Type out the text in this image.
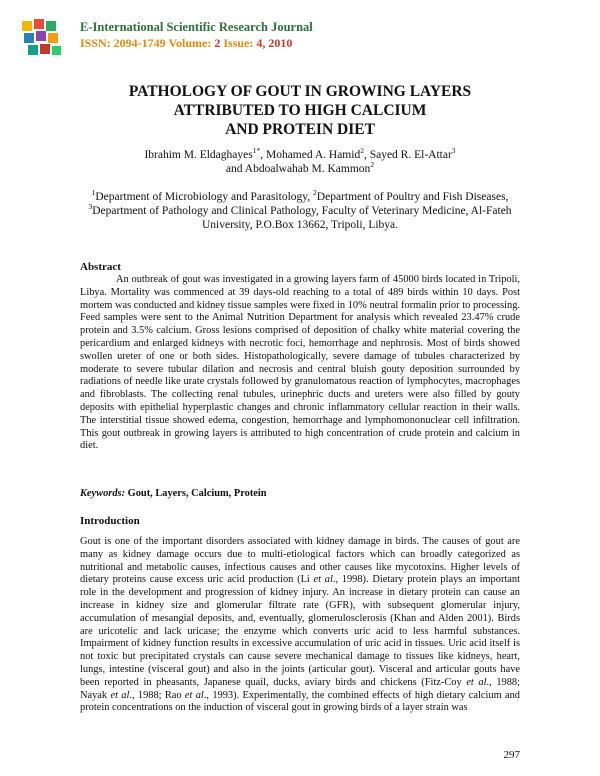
E-International Scientific Research Journal
ISSN: 2094-1749 Volume: 2 Issue: 4, 2010
PATHOLOGY OF GOUT IN GROWING LAYERS
ATTRIBUTED TO HIGH CALCIUM
AND PROTEIN DIET
Ibrahim M. Eldaghayes$^{1*}$, Mohamed A. Hamid$^2$, Sayed R. El-Attar$^3$
and Abdoalwahab M. Kammon$^2$
$^1$Department of Microbiology and Parasitology, $^2$Department of Poultry and Fish Diseases, $^3$Department of Pathology and Clinical Pathology, Faculty of Veterinary Medicine, Al-Fateh University, P.O.Box 13662, Tripoli, Libya.
Abstract
An outbreak of gout was investigated in a growing layers farm of 45000 birds located in Tripoli, Libya. Mortality was commenced at 39 days-old reaching to a total of 489 birds within 10 days. Post mortem was conducted and kidney tissue samples were fixed in 10% neutral formalin prior to processing. Feed samples were sent to the Animal Nutrition Department for analysis which revealed 23.47% crude protein and 3.5% calcium. Gross lesions comprised of deposition of chalky white material covering the pericardium and enlarged kidneys with necrotic foci, hemorrhage and nephrosis. Most of birds showed swollen ureter of one or both sides. Histopathologically, severe damage of tubules characterized by moderate to severe tubular dilation and necrosis and central bluish gouty deposition surrounded by radiations of needle like urate crystals followed by granulomatous reaction of lymphocytes, macrophages and fibroblasts. The collecting renal tubules, urinephric ducts and ureters were also filled by gouty deposits with epithelial hyperplastic changes and chronic inflammatory cellular reaction in their walls. The interstitial tissue showed edema, congestion, hemorrhage and lymphomononuclear cell infiltration. This gout outbreak in growing layers is attributed to high concentration of crude protein and calcium in diet.
Keywords: Gout, Layers, Calcium, Protein
Introduction
Gout is one of the important disorders associated with kidney damage in birds. The causes of gout are many as kidney damage occurs due to multi-etiological factors which can broadly categorized as nutritional and metabolic causes, infectious causes and other causes like mycotoxins. Higher levels of dietary proteins cause excess uric acid production (Li et al., 1998). Dietary protein plays an important role in the development and progression of kidney injury. An increase in dietary protein can cause an increase in kidney size and glomerular filtrate rate (GFR), with subsequent glomerular injury, accumulation of mesangial deposits, and, eventually, glomerulosclerosis (Khan and Alden 2001). Birds are uricotelic and lack uricase; the enzyme which converts uric acid to less harmful substances. Impairment of kidney function results in excessive accumulation of uric acid in tissues. Uric acid itself is not toxic but precipitated crystals can cause severe mechanical damage to tissues like kidneys, heart, lungs, intestine (visceral gout) and also in the joints (articular gout). Visceral and articular gouts have been reported in pheasants, Japanese quail, ducks, aviary birds and chickens (Fitz-Coy et al., 1988; Nayak et al., 1988; Rao et al., 1993). Experimentally, the combined effects of high dietary calcium and protein concentrations on the induction of visceral gout in growing birds of a layer strain was
297
